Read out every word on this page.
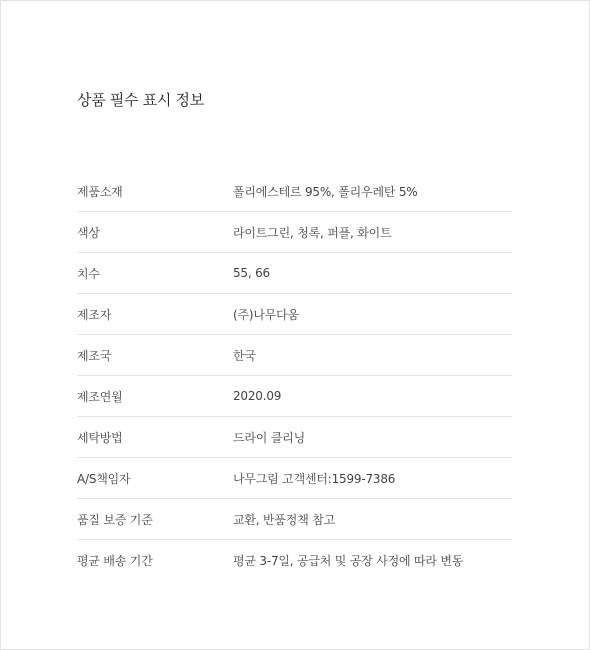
상품 필수 표시 정보
제품소재	폴리에스테르 95%, 폴리우레탄 5%
색상	라이트그린, 청록, 퍼플, 화이트
치수	55, 66
제조자	(주)나무다움
제조국	한국
제조연월	2020.09
세탁방법	드라이 클리닝
A/S책임자	나무그림 고객센터:1599-7386
품질 보증 기준	교환, 반품정책 참고
평균 배송 기간	평균 3-7일, 공급처 및 공장 사정에 따라 변동
